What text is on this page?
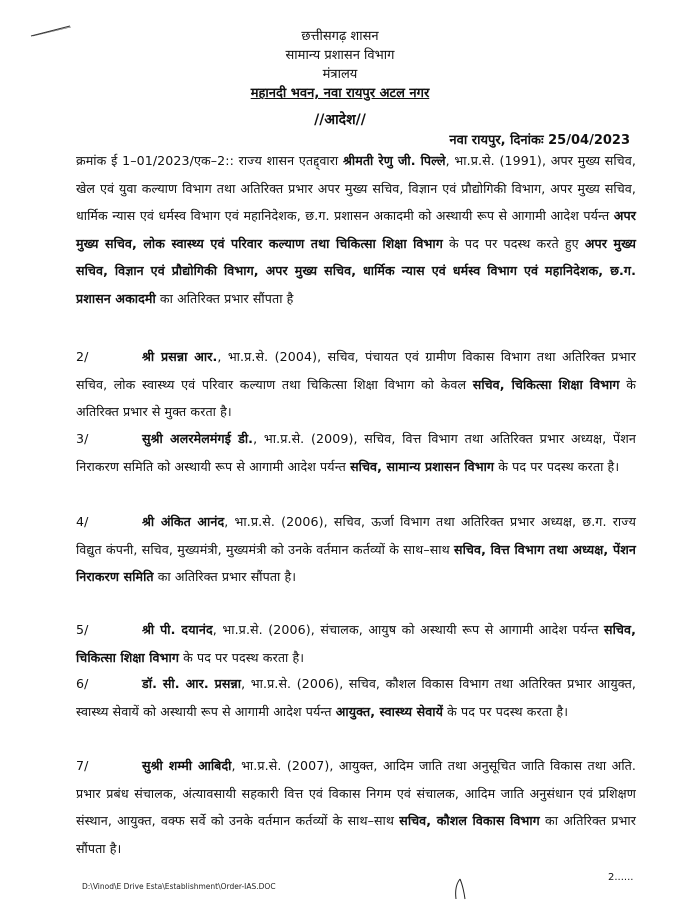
छत्तीसगढ़ शासन
सामान्य प्रशासन विभाग
मंत्रालय
महानदी भवन, नवा रायपुर अटल नगर
//आदेश//
नवा रायपुर, दिनांकः 25/04/2023
क्रमांक ई 1–01/2023/एक–2:: राज्य शासन एतद्द्वारा श्रीमती रेणु जी. पिल्ले, भा.प्र.से. (1991), अपर मुख्य सचिव, खेल एवं युवा कल्याण विभाग तथा अतिरिक्त प्रभार अपर मुख्य सचिव, विज्ञान एवं प्रौद्योगिकी विभाग, अपर मुख्य सचिव, धार्मिक न्यास एवं धर्मस्व विभाग एवं महानिदेशक, छ.ग. प्रशासन अकादमी को अस्थायी रूप से आगामी आदेश पर्यन्त अपर मुख्य सचिव, लोक स्वास्थ्य एवं परिवार कल्याण तथा चिकित्सा शिक्षा विभाग के पद पर पदस्थ करते हुए अपर मुख्य सचिव, विज्ञान एवं प्रौद्योगिकी विभाग, अपर मुख्य सचिव, धार्मिक न्यास एवं धर्मस्व विभाग एवं महानिदेशक, छ.ग. प्रशासन अकादमी का अतिरिक्त प्रभार सौंपता है
2/	श्री प्रसन्ना आर., भा.प्र.से. (2004), सचिव, पंचायत एवं ग्रामीण विकास विभाग तथा अतिरिक्त प्रभार सचिव, लोक स्वास्थ्य एवं परिवार कल्याण तथा चिकित्सा शिक्षा विभाग को केवल सचिव, चिकित्सा शिक्षा विभाग के अतिरिक्त प्रभार से मुक्त करता है।
3/	सुश्री अलरमेलमंगई डी., भा.प्र.से. (2009), सचिव, वित्त विभाग तथा अतिरिक्त प्रभार अध्यक्ष, पेंशन निराकरण समिति को अस्थायी रूप से आगामी आदेश पर्यन्त सचिव, सामान्य प्रशासन विभाग के पद पर पदस्थ करता है।
4/	श्री अंकित आनंद, भा.प्र.से. (2006), सचिव, ऊर्जा विभाग तथा अतिरिक्त प्रभार अध्यक्ष, छ.ग. राज्य विद्युत कंपनी, सचिव, मुख्यमंत्री, मुख्यमंत्री को उनके वर्तमान कर्तव्यों के साथ–साथ सचिव, वित्त विभाग तथा अध्यक्ष, पेंशन निराकरण समिति का अतिरिक्त प्रभार सौंपता है।
5/	श्री पी. दयानंद, भा.प्र.से. (2006), संचालक, आयुष को अस्थायी रूप से आगामी आदेश पर्यन्त सचिव, चिकित्सा शिक्षा विभाग के पद पर पदस्थ करता है।
6/	डॉ. सी. आर. प्रसन्ना, भा.प्र.से. (2006), सचिव, कौशल विकास विभाग तथा अतिरिक्त प्रभार आयुक्त, स्वास्थ्य सेवायें को अस्थायी रूप से आगामी आदेश पर्यन्त आयुक्त, स्वास्थ्य सेवायें के पद पर पदस्थ करता है।
7/	सुश्री शम्मी आबिदी, भा.प्र.से. (2007), आयुक्त, आदिम जाति तथा अनुसूचित जाति विकास तथा अति. प्रभार प्रबंध संचालक, अंत्यावसायी सहकारी वित्त एवं विकास निगम एवं संचालक, आदिम जाति अनुसंधान एवं प्रशिक्षण संस्थान, आयुक्त, वक्फ सर्वे को उनके वर्तमान कर्तव्यों के साथ–साथ सचिव, कौशल विकास विभाग का अतिरिक्त प्रभार सौंपता है।
2......
D:\Vinod\E Drive Esta\Establishment\Order-IAS.DOC
